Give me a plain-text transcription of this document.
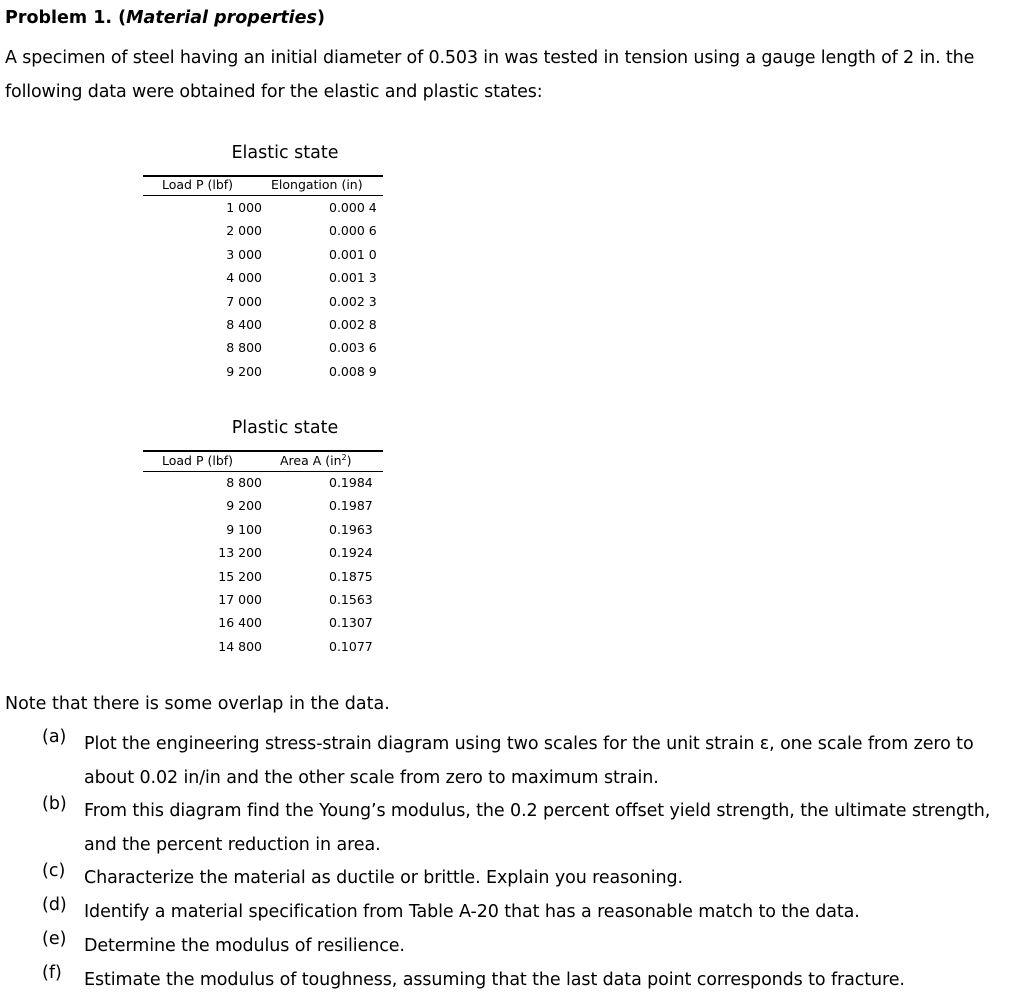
Problem 1. (Material properties)
A specimen of steel having an initial diameter of 0.503 in was tested in tension using a gauge length of 2 in. the following data were obtained for the elastic and plastic states:
Elastic state
Load P (lbf)	Elongation (in)
1 000	0.000 4
2 000	0.000 6
3 000	0.001 0
4 000	0.001 3
7 000	0.002 3
8 400	0.002 8
8 800	0.003 6
9 200	0.008 9
Plastic state
Load P (lbf)	Area A $(in^2)$
8 800	0.1984
9 200	0.1987
9 100	0.1963
13 200	0.1924
15 200	0.1875
17 000	0.1563
16 400	0.1307
14 800	0.1077
Note that there is some overlap in the data.
(a) Plot the engineering stress-strain diagram using two scales for the unit strain ε, one scale from zero to about 0.02 in/in and the other scale from zero to maximum strain.
(b) From this diagram find the Young’s modulus, the 0.2 percent offset yield strength, the ultimate strength, and the percent reduction in area.
(c) Characterize the material as ductile or brittle. Explain you reasoning.
(d) Identify a material specification from Table A-20 that has a reasonable match to the data.
(e) Determine the modulus of resilience.
(f) Estimate the modulus of toughness, assuming that the last data point corresponds to fracture.
